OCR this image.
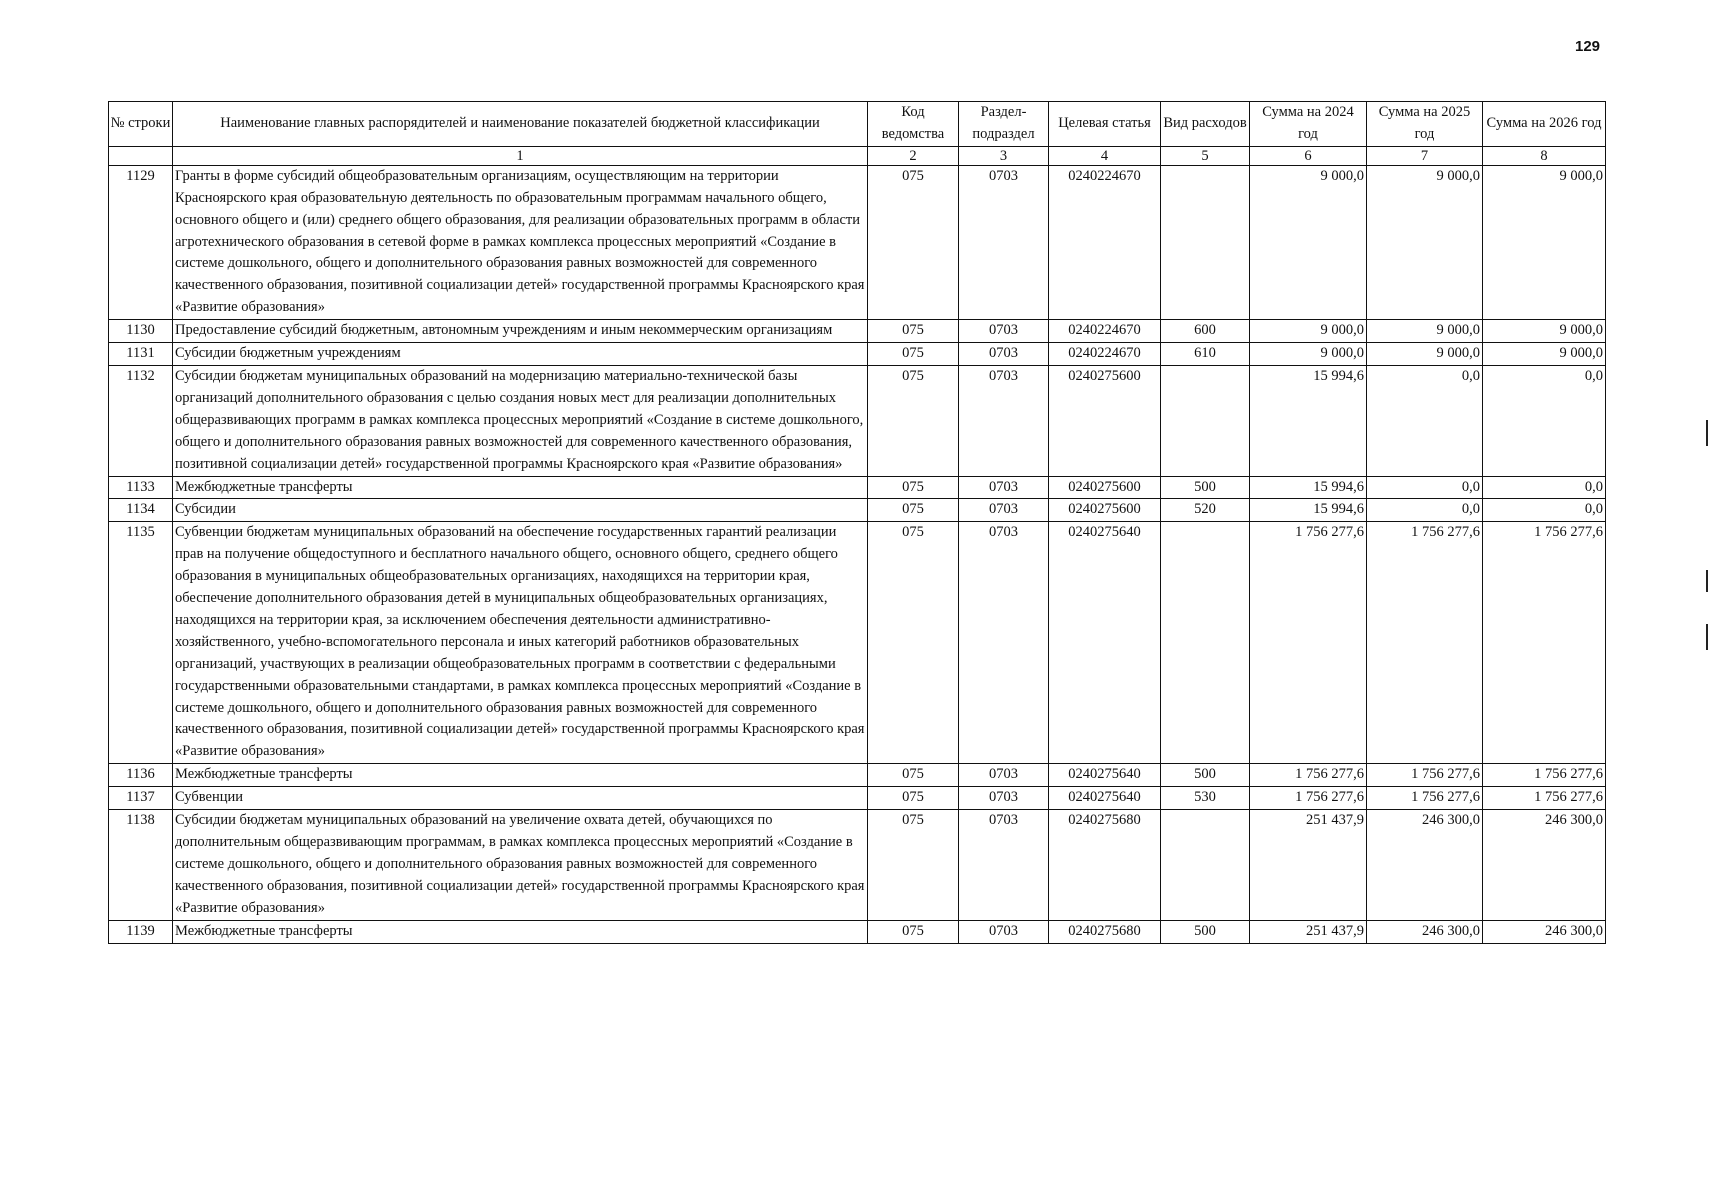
129
№ строки	Наименование главных распорядителей и наименование показателей бюджетной классификации	Код ведомства	Раздел-подраздел	Целевая статья	Вид расходов	Сумма на 2024 год	Сумма на 2025 год	Сумма на 2026 год
	1	2	3	4	5	6	7	8
1129	Гранты в форме субсидий общеобразовательным организациям, осуществляющим на территории Красноярского края образовательную деятельность по образовательным программам начального общего, основного общего и (или) среднего общего образования, для реализации образовательных программ в области агротехнического образования в сетевой форме в рамках комплекса процессных мероприятий «Создание в системе дошкольного, общего и дополнительного образования равных возможностей для современного качественного образования, позитивной социализации детей» государственной программы Красноярского края «Развитие образования»	075	0703	0240224670		9 000,0	9 000,0	9 000,0
1130	Предоставление субсидий бюджетным, автономным учреждениям и иным некоммерческим организациям	075	0703	0240224670	600	9 000,0	9 000,0	9 000,0
1131	Субсидии бюджетным учреждениям	075	0703	0240224670	610	9 000,0	9 000,0	9 000,0
1132	Субсидии бюджетам муниципальных образований на модернизацию материально-технической базы организаций дополнительного образования с целью создания новых мест для реализации дополнительных общеразвивающих программ в рамках комплекса процессных мероприятий «Создание в системе дошкольного, общего и дополнительного образования равных возможностей для современного качественного образования, позитивной социализации детей» государственной программы Красноярского края «Развитие образования»	075	0703	0240275600		15 994,6	0,0	0,0
1133	Межбюджетные трансферты	075	0703	0240275600	500	15 994,6	0,0	0,0
1134	Субсидии	075	0703	0240275600	520	15 994,6	0,0	0,0
1135	Субвенции бюджетам муниципальных образований на обеспечение государственных гарантий реализации прав на получение общедоступного и бесплатного начального общего, основного общего, среднего общего образования в муниципальных общеобразовательных организациях, находящихся на территории края, обеспечение дополнительного образования детей в муниципальных общеобразовательных организациях, находящихся на территории края, за исключением обеспечения деятельности административно-хозяйственного, учебно-вспомогательного персонала и иных категорий работников образовательных организаций, участвующих в реализации общеобразовательных программ в соответствии с федеральными государственными образовательными стандартами, в рамках комплекса процессных мероприятий «Создание в системе дошкольного, общего и дополнительного образования равных возможностей для современного качественного образования, позитивной социализации детей» государственной программы Красноярского края «Развитие образования»	075	0703	0240275640		1 756 277,6	1 756 277,6	1 756 277,6
1136	Межбюджетные трансферты	075	0703	0240275640	500	1 756 277,6	1 756 277,6	1 756 277,6
1137	Субвенции	075	0703	0240275640	530	1 756 277,6	1 756 277,6	1 756 277,6
1138	Субсидии бюджетам муниципальных образований на увеличение охвата детей, обучающихся по дополнительным общеразвивающим программам, в рамках комплекса процессных мероприятий «Создание в системе дошкольного, общего и дополнительного образования равных возможностей для современного качественного образования, позитивной социализации детей» государственной программы Красноярского края «Развитие образования»	075	0703	0240275680		251 437,9	246 300,0	246 300,0
1139	Межбюджетные трансферты	075	0703	0240275680	500	251 437,9	246 300,0	246 300,0
